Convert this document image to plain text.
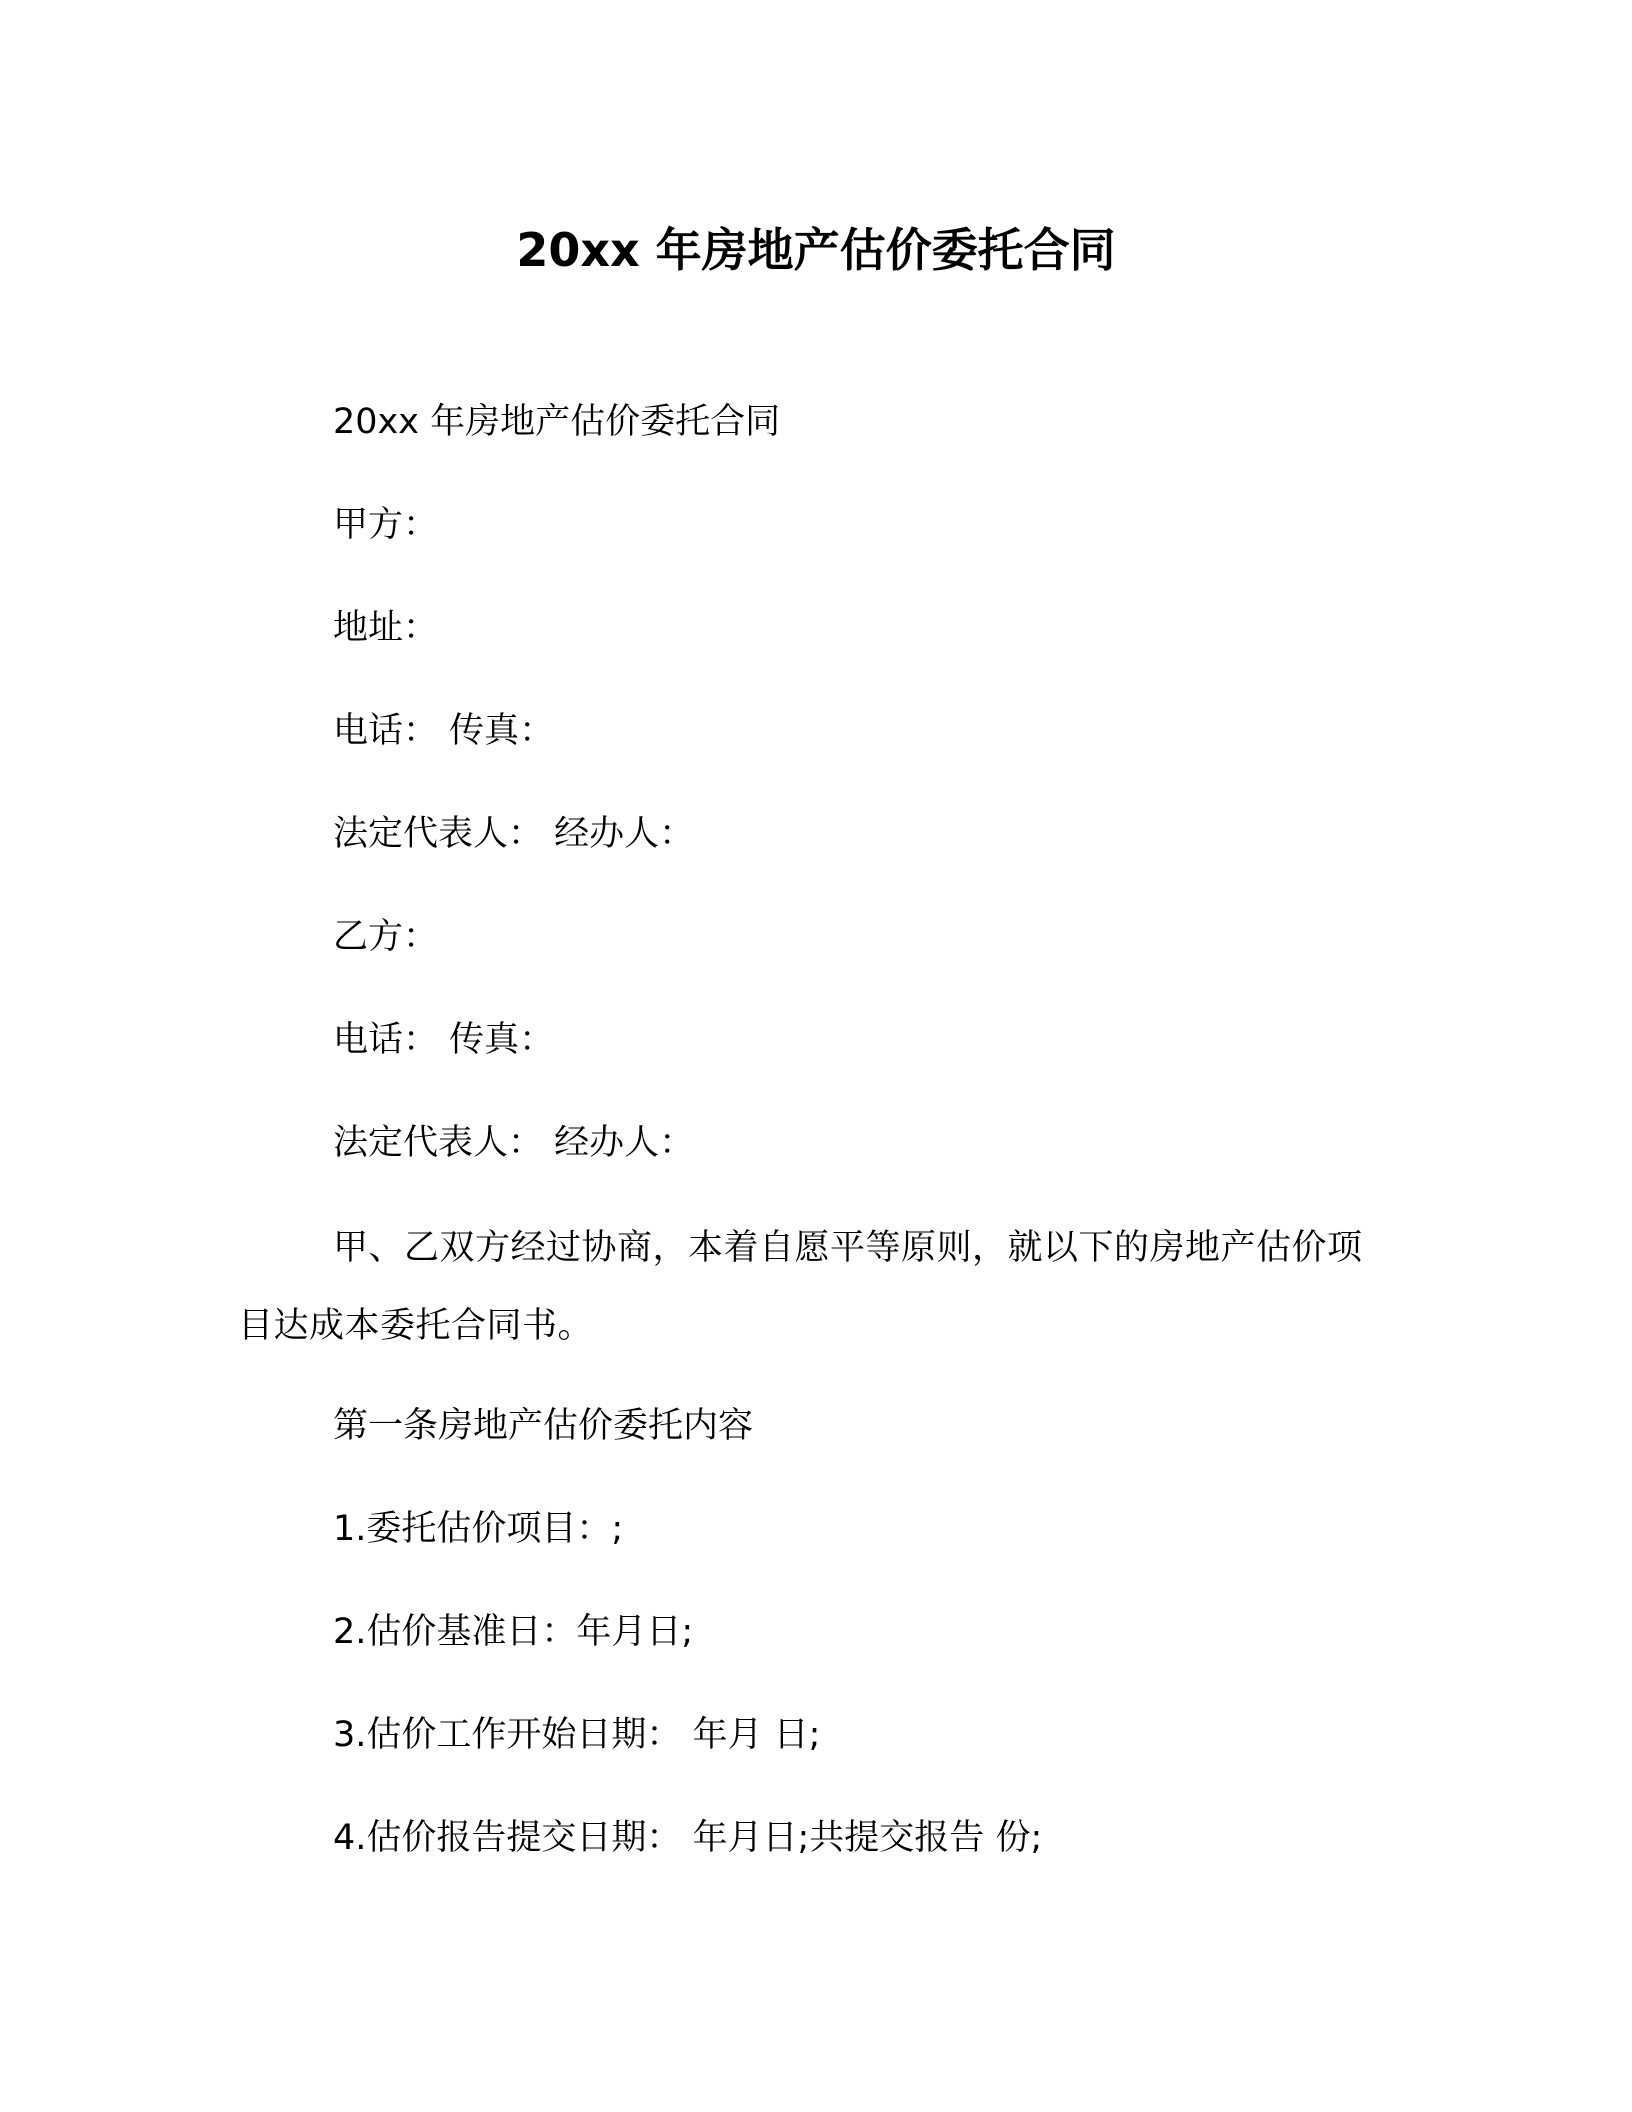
20xx 年房地产估价委托合同
20xx 年房地产估价委托合同
甲方：
地址：
电话： 传真：
法定代表人： 经办人：
乙方：
电话： 传真：
法定代表人： 经办人：
甲、乙双方经过协商，本着自愿平等原则，就以下的房地产估价项目达成本委托合同书。
第一条房地产估价委托内容
1.委托估价项目：;
2.估价基准日：年月日;
3.估价工作开始日期： 年月 日;
4.估价报告提交日期： 年月日;共提交报告 份;
